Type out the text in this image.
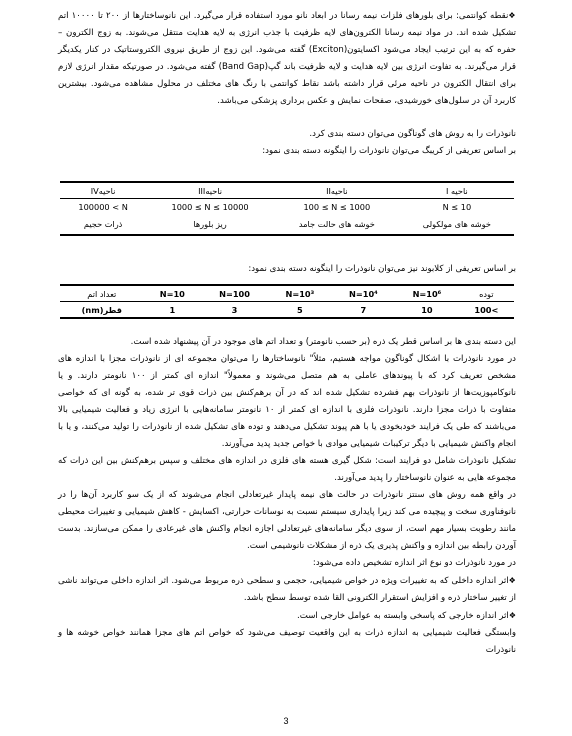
❖ نقطه کوانتمی: برای بلورهای فلزات نیمه رسانا در ابعاد نانو مورد استفاده قرار می‌گیرد. این نانوساختارها از ۲۰۰ تا ۱۰۰۰۰ اتم تشکیل شده اند. در مواد نیمه رسانا الکترون‌های لایه ظرفیت با جذب انرژی به لایه هدایت منتقل می‌شوند. به زوج الکترون – حفره که به این ترتیب ایجاد می‌شود اکسایتون(Exciton) گفته می‌شود. این زوج از طریق نیروی الکتروستاتیک در کنار یکدیگر قرار می‌گیرند. به تفاوت انرژی بین لایه هدایت و لایه ظرفیت باند گپ(Band Gap) گفته می‌شود. در صورتیکه مقدار انرژی لازم برای انتقال الکترون در ناحیه مرئی قرار داشته باشد نقاط کوانتمی با رنگ های مختلف در محلول مشاهده می‌شود. بیشترین کاربرد آن در سلول‌های خورشیدی، صفحات نمایش و عکس برداری پزشکی می‌باشد.

نانوذرات را به روش های گوناگون می‌توان دسته بندی کرد.

بر اساس تعریفی از کریبگ می‌توان نانوذرات را اینگونه دسته بندی نمود:

ناحیه I	ناحیهII	ناحیهIII	ناحیهIV
N ≤ 10	100 ≤ N ≤ 1000	1000 ≤ N ≤ 10000	100000 < N
خوشه های مولکولی	خوشه های حالت جامد	ریز بلورها	ذرات حجیم

بر اساس تعریفی از کلابوند نیز می‌توان نانوذرات را اینگونه دسته بندی نمود:

توده	N=10⁶	N=10⁴	N=10³	N=100	N=10	تعداد اتم
100<	10	7	5	3	1	قطر(nm)

این دسته بندی ها بر اساس قطر یک ذره (بر حسب نانومتر) و تعداد اتم های موجود در آن پیشنهاد شده است.

در مورد نانوذرات با اشکال گوناگون مواجه هستیم، مثلاً" نانوساختارها را می‌توان مجموعه ای از نانوذرات مجزا با اندازه های مشخص تعریف کرد که با پیوندهای عاملی به هم متصل می‌شوند و معمولاً" اندازه ای کمتر از ۱۰۰ نانومتر دارند. و یا نانوکامپوزیت‌ها از نانوذرات بهم فشرده تشکیل شده اند که در آن برهم‌کنش بین ذرات قوی تر شده، به گونه ای که خواصی متفاوت با ذرات مجزا دارند. نانوذرات فلزی با اندازه ای کمتر از ۱۰ نانومتر سامانه‌هایی با انرژی زیاد و فعالیت شیمیایی بالا می‌باشند که طی یک فرایند خودبخودی یا با هم پیوند تشکیل می‌دهند و توده های تشکیل شده از نانوذرات را تولید می‌کنند، و یا با انجام واکنش شیمیایی با دیگر ترکیبات شیمیایی موادی با خواص جدید پدید می‌آورند.

تشکیل نانوذرات شامل دو فرایند است: شکل گیری هسته های فلزی در اندازه های مختلف و سپس برهم‌کنش بین این ذرات که مجموعه هایی به عنوان نانوساختار را پدید می‌آورند.

در واقع همه روش های سنتز نانوذرات در حالت های نیمه پایدار غیرتعادلی انجام می‌شوند که از یک سو کاربرد آن‌ها را در نانوفناوری سخت و پیچیده می کند زیرا پایداری سیستم نسبت به نوسانات حرارتی، اکسایش - کاهش شیمیایی و تغییرات محیطی مانند رطوبت بسیار مهم است، از سوی دیگر سامانه‌های غیرتعادلی اجازه انجام واکنش های غیرعادی را ممکن می‌سازند. بدست آوردن رابطه بین اندازه و واکنش پذیری یک ذره از مشکلات نانوشیمی است.

در مورد نانوذرات دو نوع اثر اندازه تشخیص داده می‌شود:

❖ اثر اندازه داخلی که به تغییرات ویژه در خواص شیمیایی، حجمی و سطحی ذره مربوط می‌شود. اثر اندازه داخلی می‌تواند ناشی از تغییر ساختار ذره و افزایش استقرار الکترونی القا شده توسط سطح باشد.

❖ اثر اندازه خارجی که پاسخی وابسته به عوامل خارجی است.

وابستگی فعالیت شیمیایی به اندازه ذرات به این واقعیت توصیف می‌شود که خواص اتم های مجزا همانند خواص خوشه ها و نانوذرات

3
